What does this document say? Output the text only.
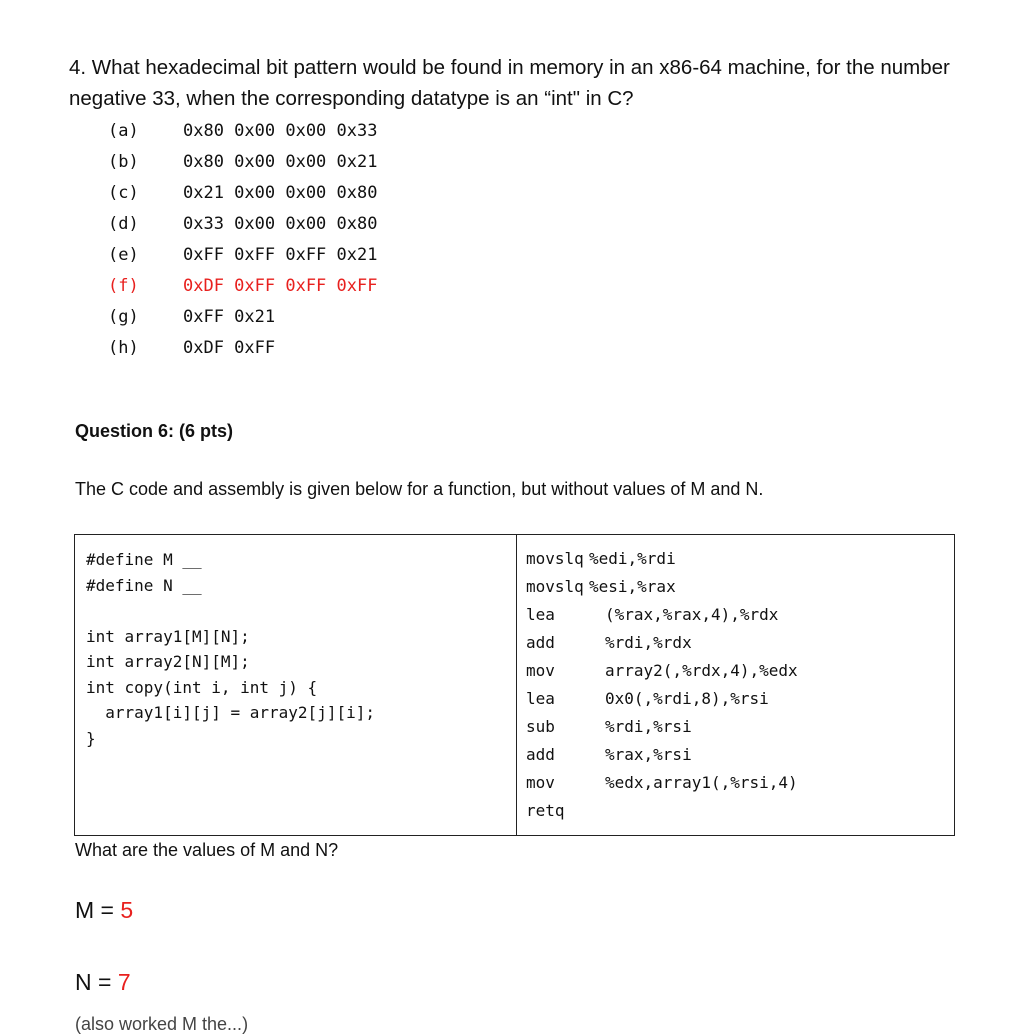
4. What hexadecimal bit pattern would be found in memory in an x86-64 machine, for the number negative 33, when the corresponding datatype is an “int" in C?
(a)	0x80 0x00 0x00 0x33
(b)	0x80 0x00 0x00 0x21
(c)	0x21 0x00 0x00 0x80
(d)	0x33 0x00 0x00 0x80
(e)	0xFF 0xFF 0xFF 0x21
(f)	0xDF 0xFF 0xFF 0xFF
(g)	0xFF 0x21
(h)	0xDF 0xFF
Question 6: (6 pts)
The C code and assembly is given below for a function, but without values of M and N.
#define M __
#define N __
int array1[M][N];
int array2[N][M];
int copy(int i, int j) {
array1[i][j] = array2[j][i];
}
movslq %edi,%rdi
movslq %esi,%rax
lea	(%rax,%rax,4),%rdx
add	%rdi,%rdx
mov	array2(,%rdx,4),%edx
lea	0x0(,%rdi,8),%rsi
sub	%rdi,%rsi
add	%rax,%rsi
mov	%edx,array1(,%rsi,4)
retq
What are the values of M and N?
M = 5
N = 7
(also worked M the...)
